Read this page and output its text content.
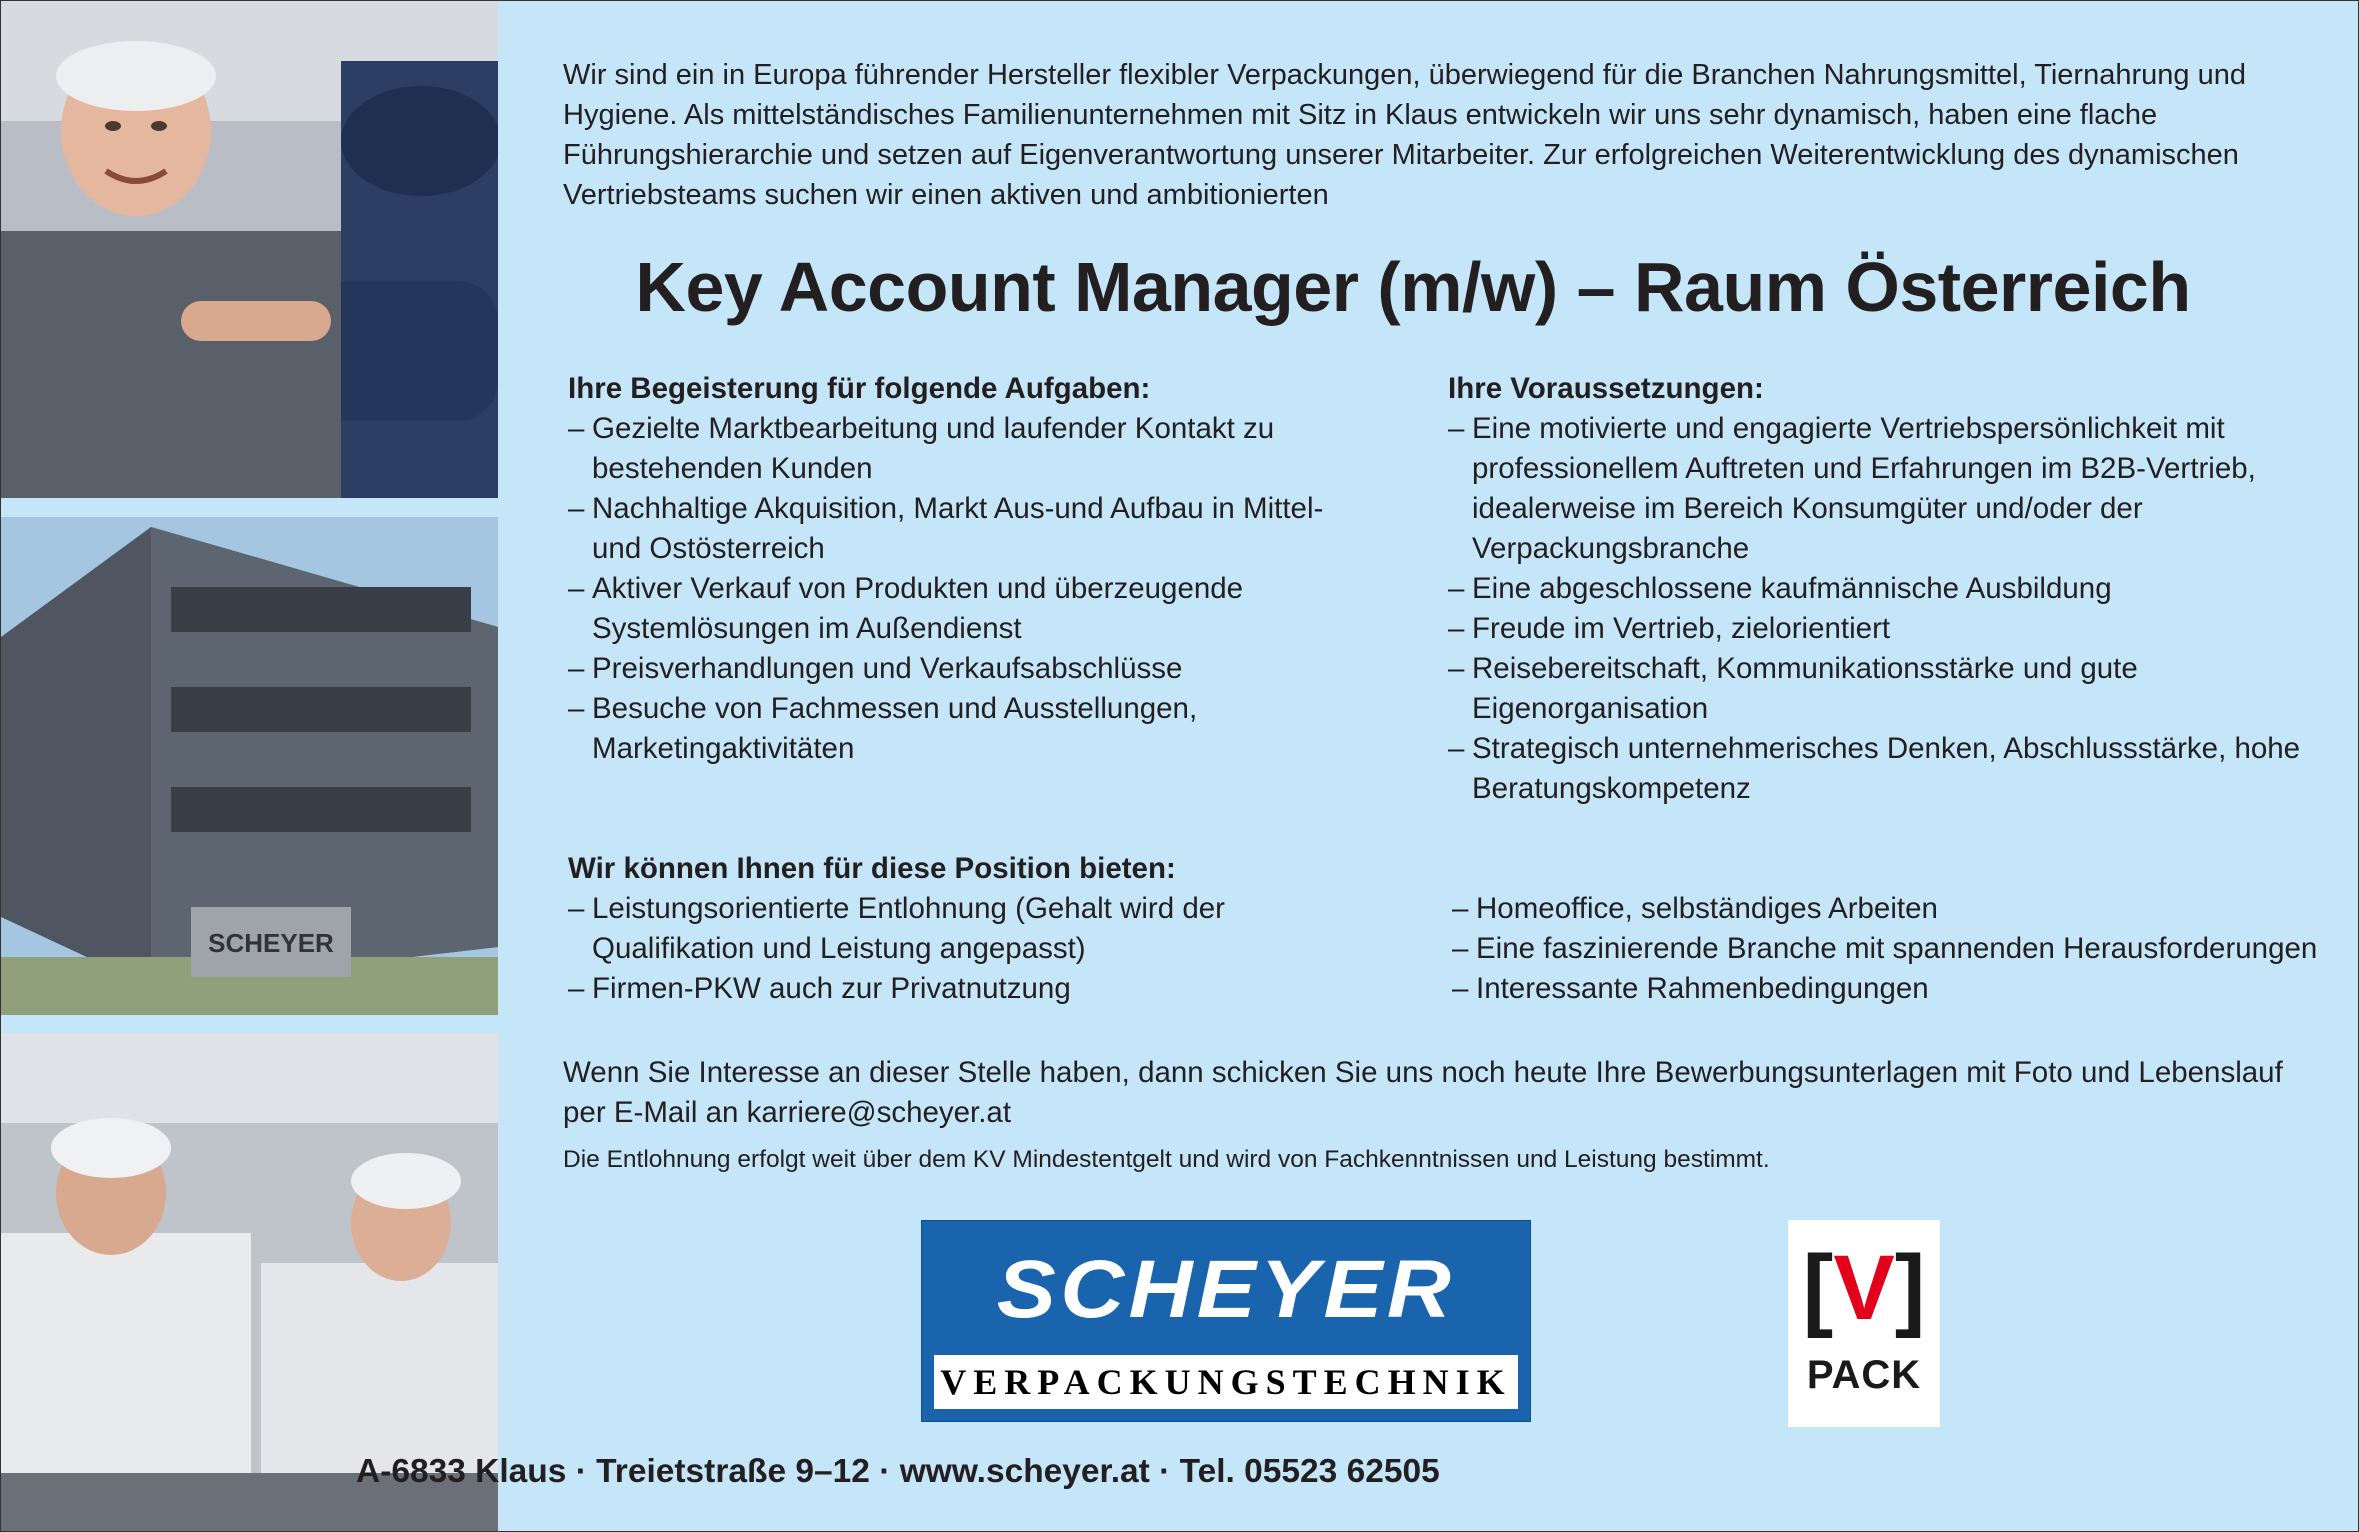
SCHEYER
Wir sind ein in Europa führender Hersteller flexibler Verpackungen, überwiegend für die Branchen Nahrungsmittel, Tiernahrung und Hygiene. Als mittelständisches Familienunternehmen mit Sitz in Klaus entwickeln wir uns sehr dynamisch, haben eine flache Führungshierarchie und setzen auf Eigenverantwortung unserer Mitarbeiter. Zur erfolgreichen Weiterentwicklung des dynamischen Vertriebsteams suchen wir einen aktiven und ambitionierten
Key Account Manager (m/w) – Raum Österreich
Ihre Begeisterung für folgende Aufgaben:
– Gezielte Marktbearbeitung und laufender Kontakt zu bestehenden Kunden
– Nachhaltige Akquisition, Markt Aus-und Aufbau in Mittel- und Ostösterreich
– Aktiver Verkauf von Produkten und überzeugende Systemlösungen im Außendienst
– Preisverhandlungen und Verkaufsabschlüsse
– Besuche von Fachmessen und Ausstellungen, Marketingaktivitäten
Ihre Voraussetzungen:
– Eine motivierte und engagierte Vertriebspersönlichkeit mit professionellem Auftreten und Erfahrungen im B2B-Vertrieb, idealerweise im Bereich Konsumgüter und/oder der Verpackungsbranche
– Eine abgeschlossene kaufmännische Ausbildung
– Freude im Vertrieb, zielorientiert
– Reisebereitschaft, Kommunikationsstärke und gute Eigenorganisation
– Strategisch unternehmerisches Denken, Abschlussstärke, hohe Beratungskompetenz
Wir können Ihnen für diese Position bieten:
– Leistungsorientierte Entlohnung (Gehalt wird der Qualifikation und Leistung angepasst)
– Firmen-PKW auch zur Privatnutzung
– Homeoffice, selbständiges Arbeiten
– Eine faszinierende Branche mit spannenden Herausforderungen
– Interessante Rahmenbedingungen
Wenn Sie Interesse an dieser Stelle haben, dann schicken Sie uns noch heute Ihre Bewerbungsunterlagen mit Foto und Lebenslauf per E-Mail an karriere@scheyer.at
Die Entlohnung erfolgt weit über dem KV Mindestentgelt und wird von Fachkenntnissen und Leistung bestimmt.
SCHEYER
VERPACKUNGSTECHNIK
[V]
PACK
A-6833 Klaus · Treietstraße 9–12 · www.scheyer.at · Tel. 05523 62505
